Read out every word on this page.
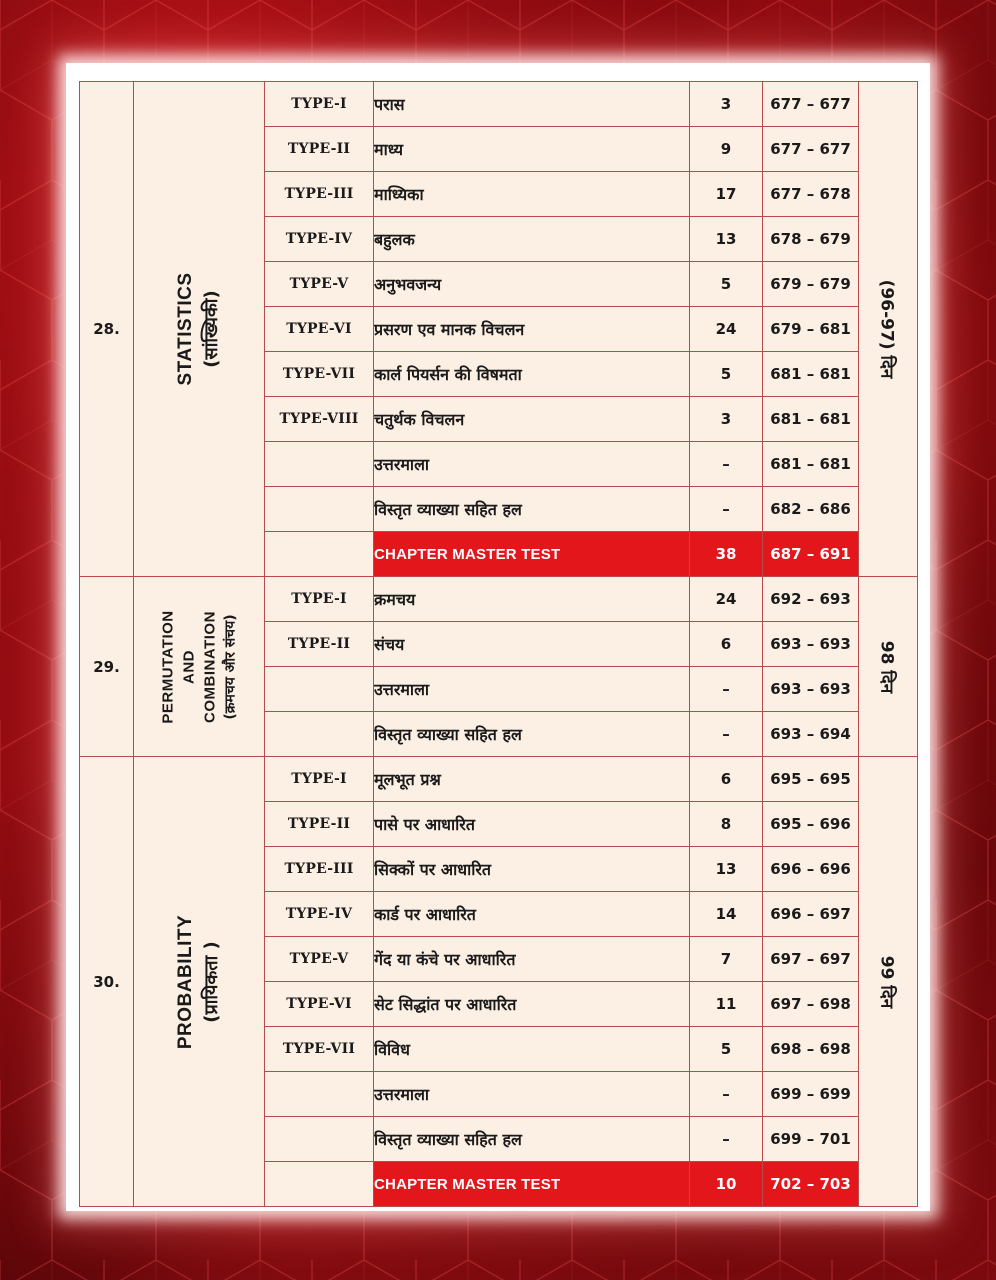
28.	STATISTICS (सांख्यिकी)	TYPE-I	परास	3	677 – 677	(96-97) दिन

		TYPE-II	माध्य	9	677 – 677	
		TYPE-III	माध्यिका	17	677 – 678	
		TYPE-IV	बहुलक	13	678 – 679	
		TYPE-V	अनुभवजन्य	5	679 – 679	
		TYPE-VI	प्रसरण एव मानक विचलन	24	679 – 681	
		TYPE-VII	कार्ल पियर्सन की विषमता	5	681 – 681	
		TYPE-VIII	चतुर्थक विचलन	3	681 – 681	
			उत्तरमाला	–	681 – 681	
			विस्तृत व्याख्या सहित हल	–	682 – 686	
			CHAPTER MASTER TEST	38	687 – 691	
29.	PERMUTATION AND COMBINATION (क्रमचय और संचय)	TYPE-I	क्रमचय	24	692 – 693	98 दिन

		TYPE-II	संचय	6	693 – 693	
			उत्तरमाला	–	693 – 693	
			विस्तृत व्याख्या सहित हल	–	693 – 694	
30.	PROBABILITY (प्रायिकता )	TYPE-I	मूलभूत प्रश्न	6	695 – 695	99 दिन

		TYPE-II	पासे पर आधारित	8	695 – 696	
		TYPE-III	सिक्कों पर आधारित	13	696 – 696	
		TYPE-IV	कार्ड पर आधारित	14	696 – 697	
		TYPE-V	गेंद या कंचे पर आधारित	7	697 – 697	
		TYPE-VI	सेट सिद्धांत पर आधारित	11	697 – 698	
		TYPE-VII	विविध	5	698 – 698	
			उत्तरमाला	–	699 – 699	
			विस्तृत व्याख्या सहित हल	–	699 – 701	
			CHAPTER MASTER TEST	10	702 – 703	
